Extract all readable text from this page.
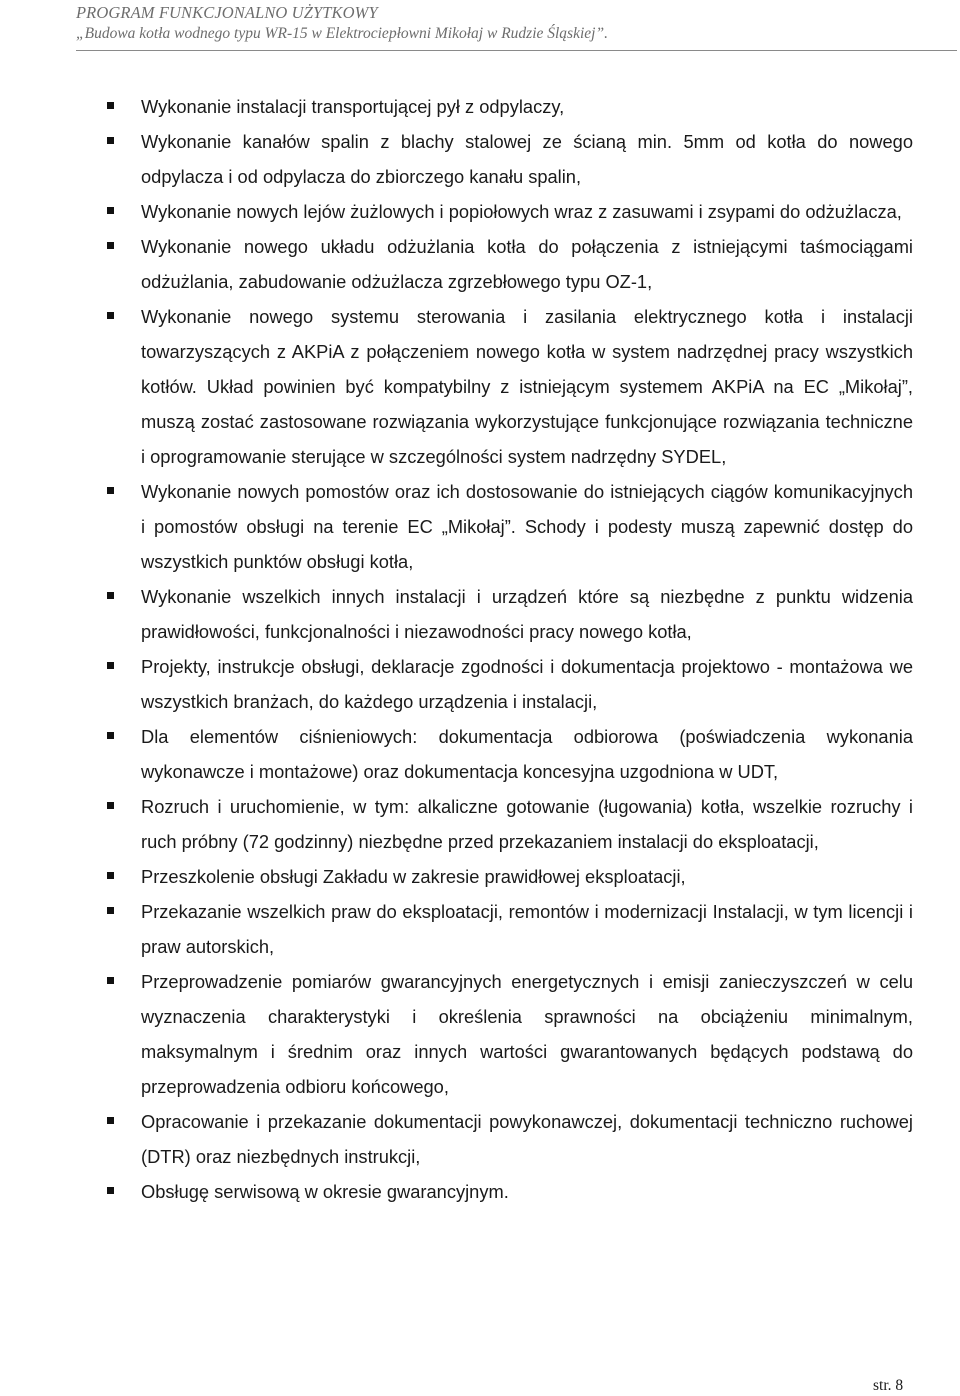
PROGRAM FUNKCJONALNO UŻYTKOWY
„Budowa kotła wodnego typu WR-15 w Elektrociepłowni Mikołaj w Rudzie Śląskiej”.
Wykonanie instalacji transportującej pył z odpylaczy,
Wykonanie kanałów spalin z blachy stalowej ze ścianą min. 5mm od kotła do nowego odpylacza i od odpylacza do zbiorczego kanału spalin,
Wykonanie nowych lejów żużlowych i popiołowych wraz z zasuwami i zsypami do odżużlacza,
Wykonanie nowego układu odżużlania kotła do połączenia z istniejącymi taśmociągami odżużlania, zabudowanie odżużlacza zgrzebłowego typu OZ-1,
Wykonanie nowego systemu sterowania i zasilania elektrycznego kotła i instalacji towarzyszących z AKPiA z połączeniem nowego kotła w system nadrzędnej pracy wszystkich kotłów. Układ powinien być kompatybilny z istniejącym systemem AKPiA na EC „Mikołaj”, muszą zostać zastosowane rozwiązania wykorzystujące funkcjonujące rozwiązania techniczne i oprogramowanie sterujące w szczególności system nadrzędny SYDEL,
Wykonanie nowych pomostów oraz ich dostosowanie do istniejących ciągów komunikacyjnych i pomostów obsługi na terenie EC „Mikołaj”. Schody i podesty muszą zapewnić dostęp do wszystkich punktów obsługi kotła,
Wykonanie wszelkich innych instalacji i urządzeń które są niezbędne z punktu widzenia prawidłowości, funkcjonalności i niezawodności pracy nowego kotła,
Projekty, instrukcje obsługi, deklaracje zgodności i dokumentacja projektowo - montażowa we wszystkich branżach, do każdego urządzenia i instalacji,
Dla elementów ciśnieniowych: dokumentacja odbiorowa (poświadczenia wykonania wykonawcze i montażowe) oraz dokumentacja koncesyjna uzgodniona w UDT,
Rozruch i uruchomienie, w tym: alkaliczne gotowanie (ługowania) kotła, wszelkie rozruchy i ruch próbny (72 godzinny) niezbędne przed przekazaniem instalacji do eksploatacji,
Przeszkolenie obsługi Zakładu w zakresie prawidłowej eksploatacji,
Przekazanie wszelkich praw do eksploatacji, remontów i modernizacji Instalacji, w tym licencji i praw autorskich,
Przeprowadzenie pomiarów gwarancyjnych energetycznych i emisji zanieczyszczeń w celu wyznaczenia charakterystyki i określenia sprawności na obciążeniu minimalnym, maksymalnym i średnim oraz innych wartości gwarantowanych będących podstawą do przeprowadzenia odbioru końcowego,
Opracowanie i przekazanie dokumentacji powykonawczej, dokumentacji techniczno ruchowej (DTR) oraz niezbędnych instrukcji,
Obsługę serwisową w okresie gwarancyjnym.
str. 8
